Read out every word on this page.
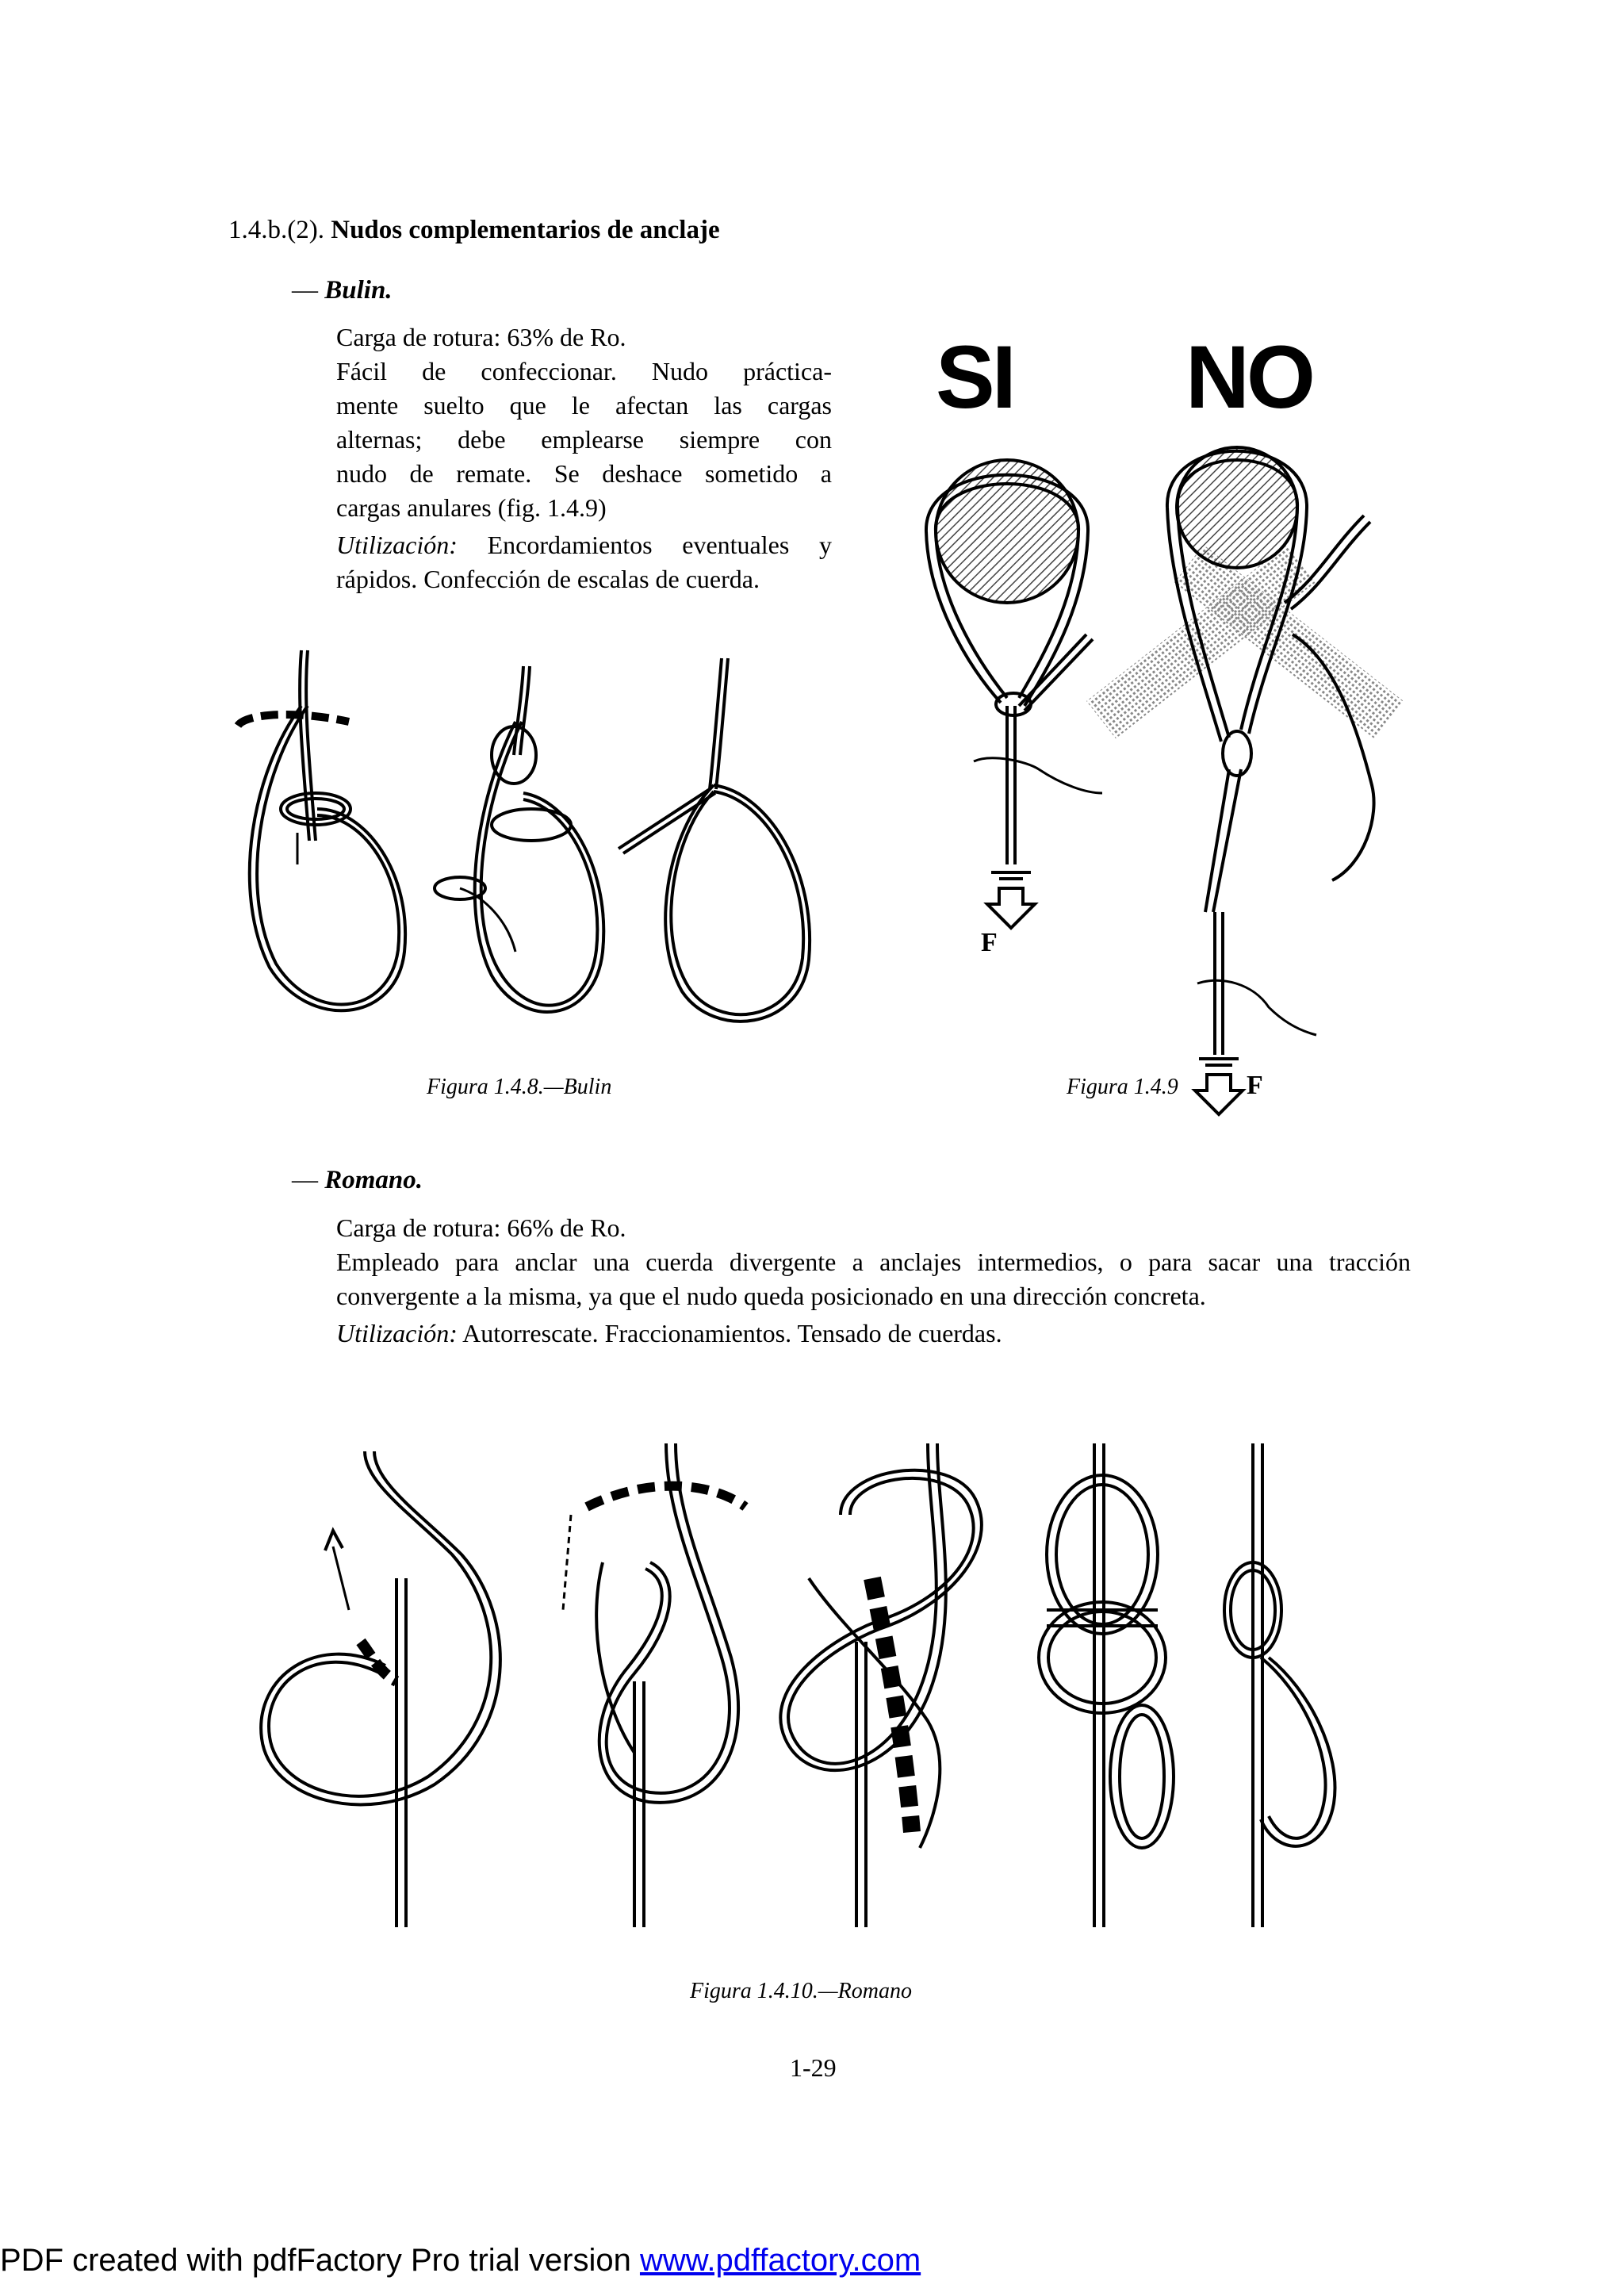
1.4.b.(2). Nudos complementarios de anclaje
— Bulin.
Carga de rotura: 63% de Ro.
Fácil de confeccionar. Nudo práctica-
mente suelto que le afectan las cargas
alternas; debe emplearse siempre con
nudo de remate. Se deshace sometido a
cargas anulares (fig. 1.4.9)
Utilización: Encordamientos eventuales y
rápidos. Confección de escalas de cuerda.
Figura 1.4.8.—Bulin
SI NO
F
Figura 1.4.9	F
— Romano.
Carga de rotura: 66% de Ro.
Empleado para anclar una cuerda divergente a anclajes intermedios, o para sacar una tracción convergente a la misma, ya que el nudo queda posicionado en una dirección concreta.
Utilización: Autorrescate. Fraccionamientos. Tensado de cuerdas.
Figura 1.4.10.—Romano
1-29
PDF created with pdfFactory Pro trial version www.pdffactory.com
